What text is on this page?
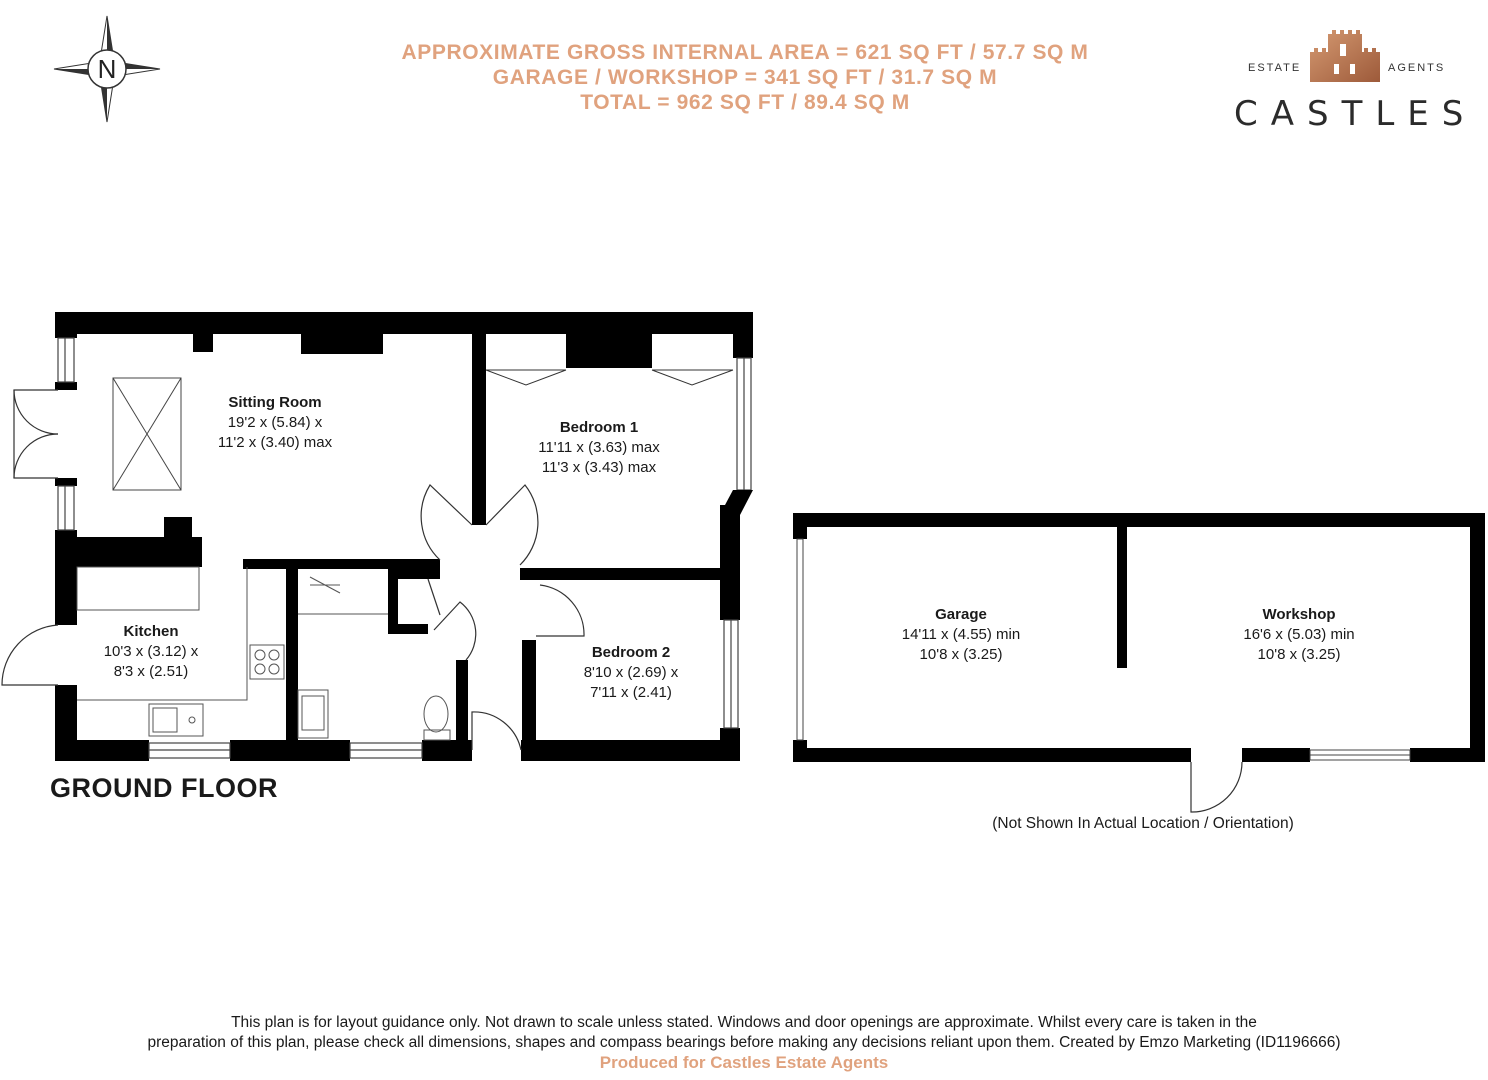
APPROXIMATE GROSS INTERNAL AREA = 621 SQ FT / 57.7 SQ M
GARAGE / WORKSHOP = 341 SQ FT / 31.7 SQ M
TOTAL = 962 SQ FT / 89.4 SQ M
N	ESTATE	AGENTS
CASTLES
Sitting Room
19'2 x (5.84) x
11'2 x (3.40) max
Bedroom 1
11'11 x (3.63) max
11'3 x (3.43) max
Kitchen
10'3 x (3.12) x
8'3 x (2.51)
Bedroom 2
8'10 x (2.69) x
7'11 x (2.41)
Garage
14'11 x (4.55) min
10'8 x (3.25)
Workshop
16'6 x (5.03) min
10'8 x (3.25)
GROUND FLOOR
(Not Shown In Actual Location / Orientation)
This plan is for layout guidance only. Not drawn to scale unless stated. Windows and door openings are approximate. Whilst every care is taken in the
preparation of this plan, please check all dimensions, shapes and compass bearings before making any decisions reliant upon them. Created by Emzo Marketing (ID1196666)
Produced for Castles Estate Agents
